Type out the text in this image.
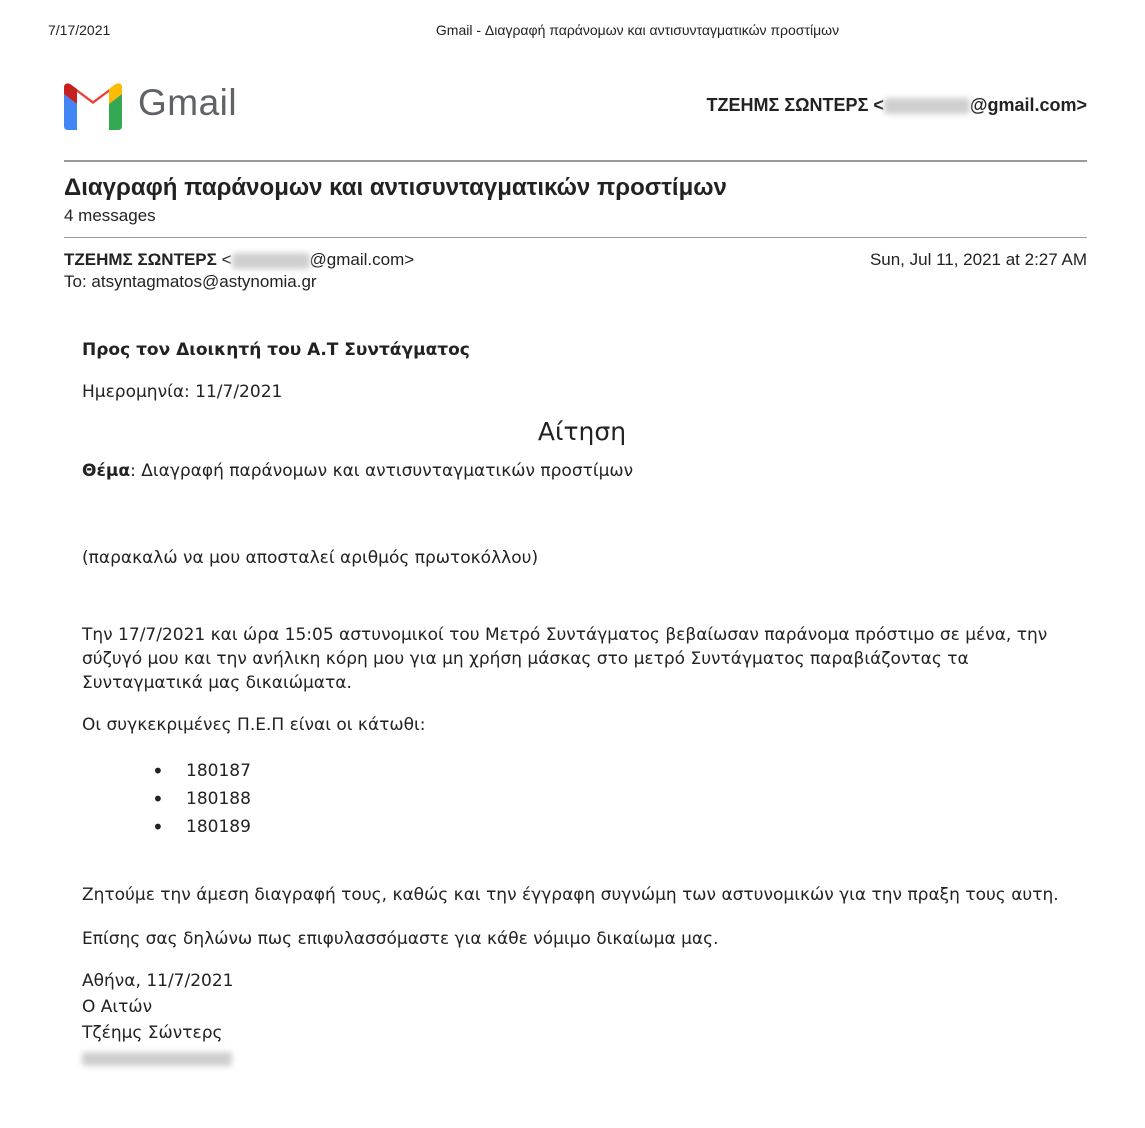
7/17/2021	Gmail - Διαγραφή παράνομων και αντισυνταγματικών προστίμων
Gmail	ΤΖΕΗΜΣ ΣΩΝΤΕΡΣ <	@gmail.com>
Διαγραφή παράνομων και αντισυνταγματικών προστίμων
4 messages
ΤΖΕΗΜΣ ΣΩΝΤΕΡΣ <	@gmail.com>	Sun, Jul 11, 2021 at 2:27 AM
To: atsyntagmatos@astynomia.gr

Προς τον Διοικητή του Α.Τ Συντάγματος

Ημερομηνία: 11/7/2021

Αίτηση

Θέμα: Διαγραφή παράνομων και αντισυνταγματικών προστίμων

(παρακαλώ να μου αποσταλεί αριθμός πρωτοκόλλου)

Την 17/7/2021 και ώρα 15:05 αστυνομικοί του Μετρό Συντάγματος βεβαίωσαν παράνομα πρόστιμο σε μένα, την σύζυγό μου και την ανήλικη κόρη μου για μη χρήση μάσκας στο μετρό Συντάγματος παραβιάζοντας τα Συνταγματικά μας δικαιώματα.

Οι συγκεκριμένες Π.Ε.Π είναι οι κάτωθι:

• 180187
• 180188
• 180189

Ζητούμε την άμεση διαγραφή τους, καθώς και την έγγραφη συγνώμη των αστυνομικών για την πραξη τους αυτη.

Επίσης σας δηλώνω πως επιφυλασσόμαστε για κάθε νόμιμο δικαίωμα μας.

Αθήνα, 11/7/2021

Ο Αιτών

Τζέημς Σώντερς
